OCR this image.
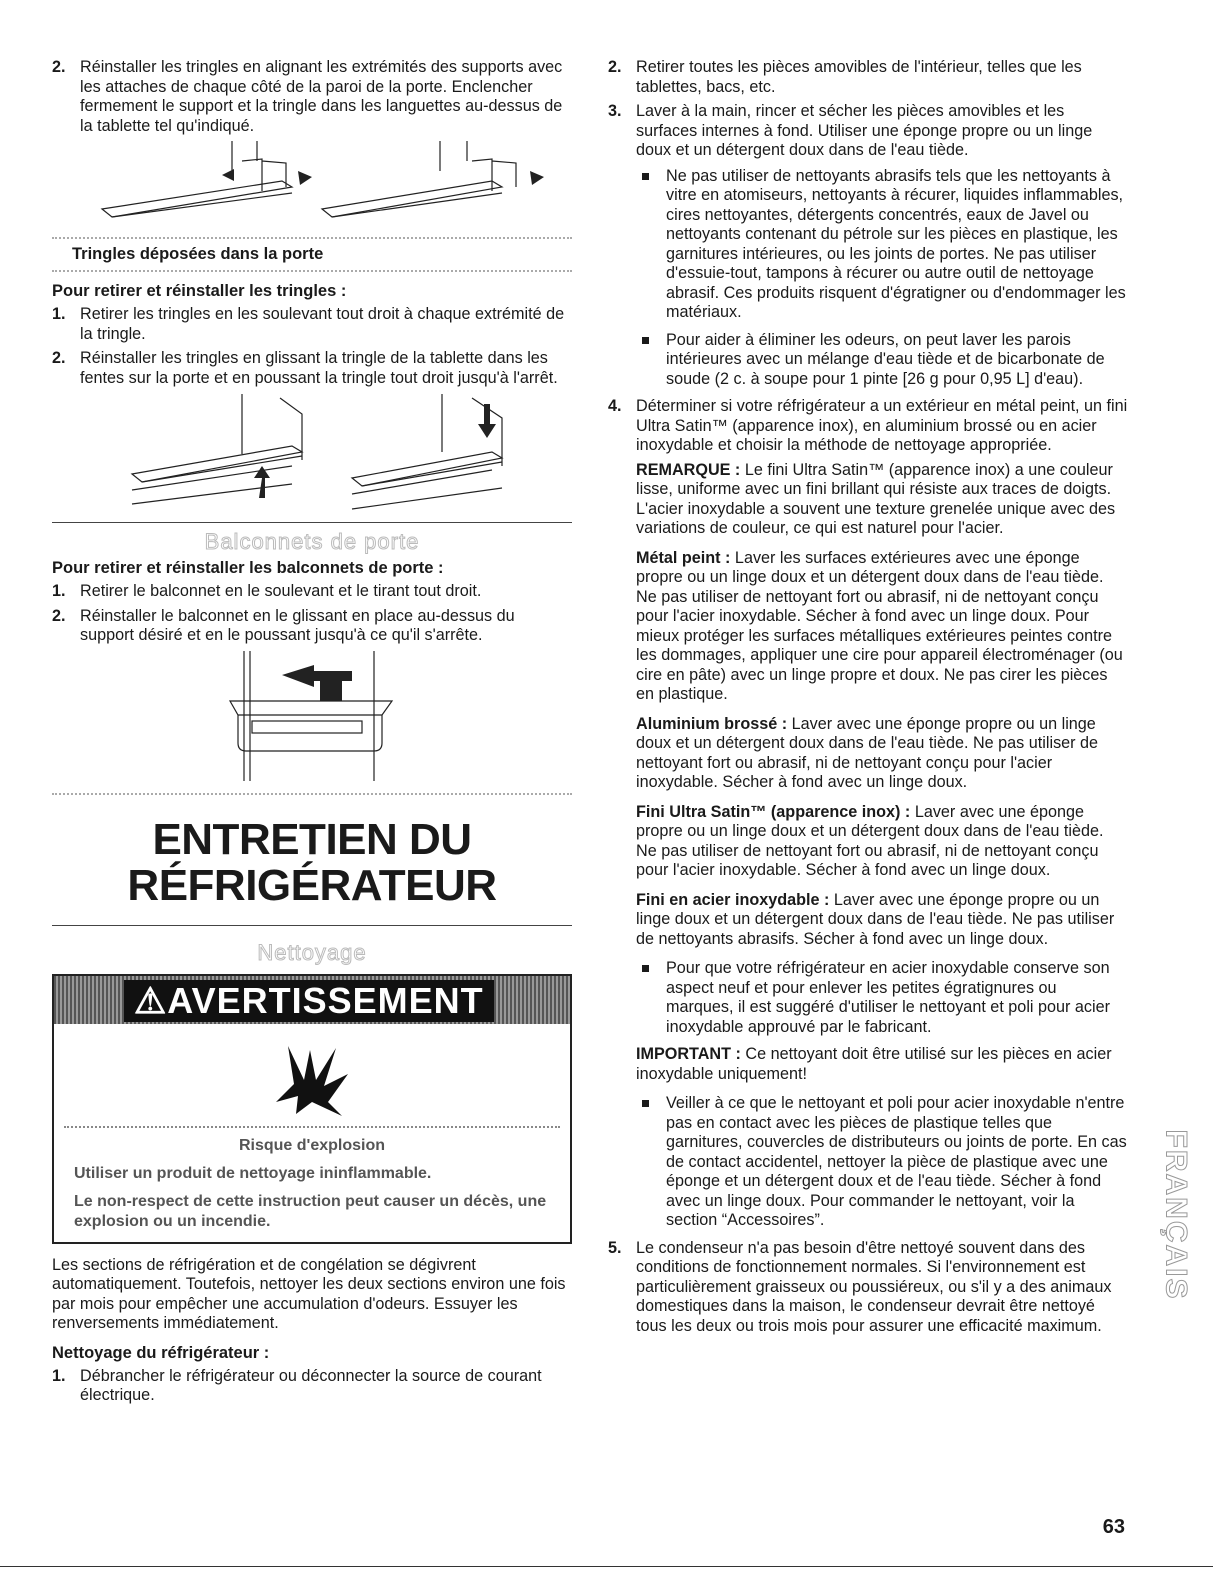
2. Réinstaller les tringles en alignant les extrémités des supports avec les attaches de chaque côté de la paroi de la porte. Enclencher fermement le support et la tringle dans les languettes au-dessus de la tablette tel qu'indiqué.
Tringles déposées dans la porte
Pour retirer et réinstaller les tringles :
1. Retirer les tringles en les soulevant tout droit à chaque extrémité de la tringle.
2. Réinstaller les tringles en glissant la tringle de la tablette dans les fentes sur la porte et en poussant la tringle tout droit jusqu'à l'arrêt.
Balconnets de porte
Pour retirer et réinstaller les balconnets de porte :
1. Retirer le balconnet en le soulevant et le tirant tout droit.
2. Réinstaller le balconnet en le glissant en place au-dessus du support désiré et en le poussant jusqu'à ce qu'il s'arrête.
ENTRETIEN DU
RÉFRIGÉRATEUR
Nettoyage
⚠AVERTISSEMENT
Risque d'explosion
Utiliser un produit de nettoyage ininflammable.
Le non-respect de cette instruction peut causer un décès, une explosion ou un incendie.

Les sections de réfrigération et de congélation se dégivrent automatiquement. Toutefois, nettoyer les deux sections environ une fois par mois pour empêcher une accumulation d'odeurs. Essuyer les renversements immédiatement.

Nettoyage du réfrigérateur :
1. Débrancher le réfrigérateur ou déconnecter la source de courant électrique.
2. Retirer toutes les pièces amovibles de l'intérieur, telles que les tablettes, bacs, etc.
3. Laver à la main, rincer et sécher les pièces amovibles et les surfaces internes à fond. Utiliser une éponge propre ou un linge doux et un détergent doux dans de l'eau tiède.
Ne pas utiliser de nettoyants abrasifs tels que les nettoyants à vitre en atomiseurs, nettoyants à récurer, liquides inflammables, cires nettoyantes, détergents concentrés, eaux de Javel ou nettoyants contenant du pétrole sur les pièces en plastique, les garnitures intérieures, ou les joints de portes. Ne pas utiliser d'essuie-tout, tampons à récurer ou autre outil de nettoyage abrasif. Ces produits risquent d'égratigner ou d'endommager les matériaux.
Pour aider à éliminer les odeurs, on peut laver les parois intérieures avec un mélange d'eau tiède et de bicarbonate de soude (2 c. à soupe pour 1 pinte [26 g pour 0,95 L] d'eau).
4. Déterminer si votre réfrigérateur a un extérieur en métal peint, un fini Ultra Satin™ (apparence inox), en aluminium brossé ou en acier inoxydable et choisir la méthode de nettoyage appropriée.

REMARQUE : Le fini Ultra Satin™ (apparence inox) a une couleur lisse, uniforme avec un fini brillant qui résiste aux traces de doigts. L'acier inoxydable a souvent une texture grenelée unique avec des variations de couleur, ce qui est naturel pour l'acier.

Métal peint : Laver les surfaces extérieures avec une éponge propre ou un linge doux et un détergent doux dans de l'eau tiède. Ne pas utiliser de nettoyant fort ou abrasif, ni de nettoyant conçu pour l'acier inoxydable. Sécher à fond avec un linge doux. Pour mieux protéger les surfaces métalliques extérieures peintes contre les dommages, appliquer une cire pour appareil électroménager (ou cire en pâte) avec un linge propre et doux. Ne pas cirer les pièces en plastique.

Aluminium brossé : Laver avec une éponge propre ou un linge doux et un détergent doux dans de l'eau tiède. Ne pas utiliser de nettoyant fort ou abrasif, ni de nettoyant conçu pour l'acier inoxydable. Sécher à fond avec un linge doux.

Fini Ultra Satin™ (apparence inox) : Laver avec une éponge propre ou un linge doux et un détergent doux dans de l'eau tiède. Ne pas utiliser de nettoyant fort ou abrasif, ni de nettoyant conçu pour l'acier inoxydable. Sécher à fond avec un linge doux.

Fini en acier inoxydable : Laver avec une éponge propre ou un linge doux et un détergent doux dans de l'eau tiède. Ne pas utiliser de nettoyants abrasifs. Sécher à fond avec un linge doux.

Pour que votre réfrigérateur en acier inoxydable conserve son aspect neuf et pour enlever les petites égratignures ou marques, il est suggéré d'utiliser le nettoyant et poli pour acier inoxydable approuvé par le fabricant.

IMPORTANT : Ce nettoyant doit être utilisé sur les pièces en acier inoxydable uniquement!

Veiller à ce que le nettoyant et poli pour acier inoxydable n'entre pas en contact avec les pièces de plastique telles que garnitures, couvercles de distributeurs ou joints de porte. En cas de contact accidentel, nettoyer la pièce de plastique avec une éponge et un détergent doux et de l'eau tiède. Sécher à fond avec un linge doux. Pour commander le nettoyant, voir la section “Accessoires”.
5. Le condenseur n'a pas besoin d'être nettoyé souvent dans des conditions de fonctionnement normales. Si l'environnement est particulièrement graisseux ou poussiéreux, ou s'il y a des animaux domestiques dans la maison, le condenseur devrait être nettoyé tous les deux ou trois mois pour assurer une efficacité maximum.
FRANÇAIS
63
